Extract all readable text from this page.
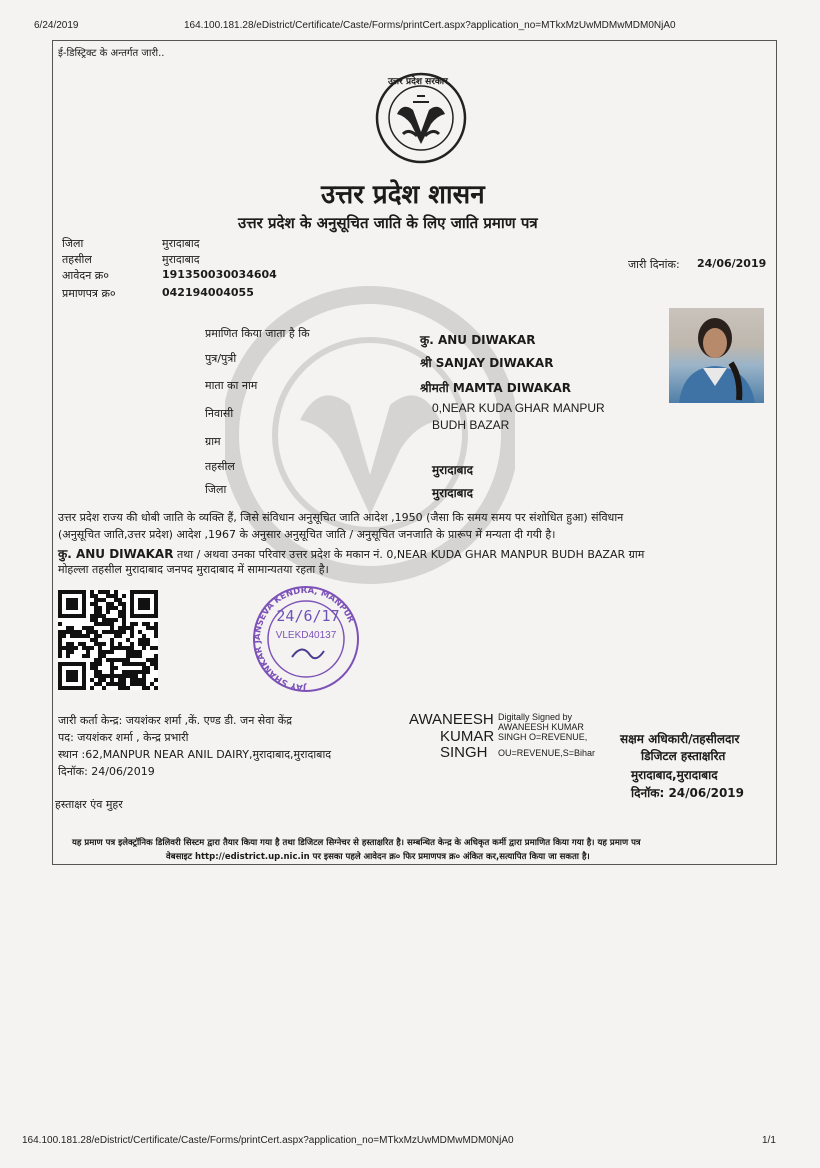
6/24/2019	164.100.181.28/eDistrict/Certificate/Caste/Forms/printCert.aspx?application_no=MTkxMzUwMDMwMDM0NjA0
ई-डिस्ट्रिक्ट के अन्तर्गत जारी..
उत्तर प्रदेश सरकार
उत्तर प्रदेश शासन
उत्तर प्रदेश के अनुसूचित जाति के लिए जाति प्रमाण पत्र
जिला	मुरादाबाद
तहसील	मुरादाबाद
आवेदन क्र०	191350030034604
प्रमाणपत्र क्र०	042194004055
जारी दिनांक: 24/06/2019
प्रमाणित किया जाता है कि	कु. ANU DIWAKAR
पुत्र/पुत्री	श्री SANJAY DIWAKAR
माता का नाम	श्रीमती MAMTA DIWAKAR
निवासी	0,NEAR KUDA GHAR MANPUR
BUDH BAZAR
ग्राम
तहसील	मुरादाबाद
जिला	मुरादाबाद
उत्तर प्रदेश राज्य की धोबी जाति के व्यक्ति हैं, जिसे संविधान अनुसूचित जाति आदेश ,1950 (जैसा कि समय समय पर संशोधित हुआ) संविधान
(अनुसूचित जाति,उत्तर प्रदेश) आदेश ,1967 के अनुसार अनुसूचित जाति / अनुसूचित जनजाति के प्रारूप में मन्यता दी गयी है।
कु. ANU DIWAKAR तथा / अथवा उनका परिवार उत्तर प्रदेश के मकान नं. 0,NEAR KUDA GHAR MANPUR BUDH BAZAR ग्राम
मोहल्ला तहसील मुरादाबाद जनपद मुरादाबाद में सामान्यतया रहता है।
JAY SHANKAR JANSEVA KENDRA, MANPUR
24/6/17
VLEKD40137
जारी कर्ता केन्द्र: जयशंकर शर्मा ,कें. एण्ड डी. जन सेवा केंद्र
पद: जयशंकर शर्मा , केन्द्र प्रभारी
स्थान :62,MANPUR NEAR ANIL DAIRY,मुरादाबाद,मुरादाबाद
दिनॉक: 24/06/2019
हस्ताक्षर एंव मुहर
AWANEESH
KUMAR
SINGH
Digitally Signed by
AWANEESH KUMAR
SINGH O=REVENUE,
OU=REVENUE,S=Bihar
सक्षम अधिकारी/तहसीलदार
डिजिटल हस्ताक्षरित
मुरादाबाद,मुरादाबाद
दिनॉक: 24/06/2019
यह प्रमाण पत्र इलेक्ट्रॉनिक डिलिवरी सिस्टम द्वारा तैयार किया गया है तथा डिजिटल सिग्नेचर से हस्ताक्षरित है। सम्बन्धित केन्द्र के अधिकृत कर्मी द्वारा प्रमाणित किया गया है। यह प्रमाण पत्र
वेबसाइट http://edistrict.up.nic.in पर इसका पहले आवेदन क्र० फिर प्रमाणपत्र क्र० अंकित कर,सत्यापित किया जा सकता है।
164.100.181.28/eDistrict/Certificate/Caste/Forms/printCert.aspx?application_no=MTkxMzUwMDMwMDM0NjA0	1/1
